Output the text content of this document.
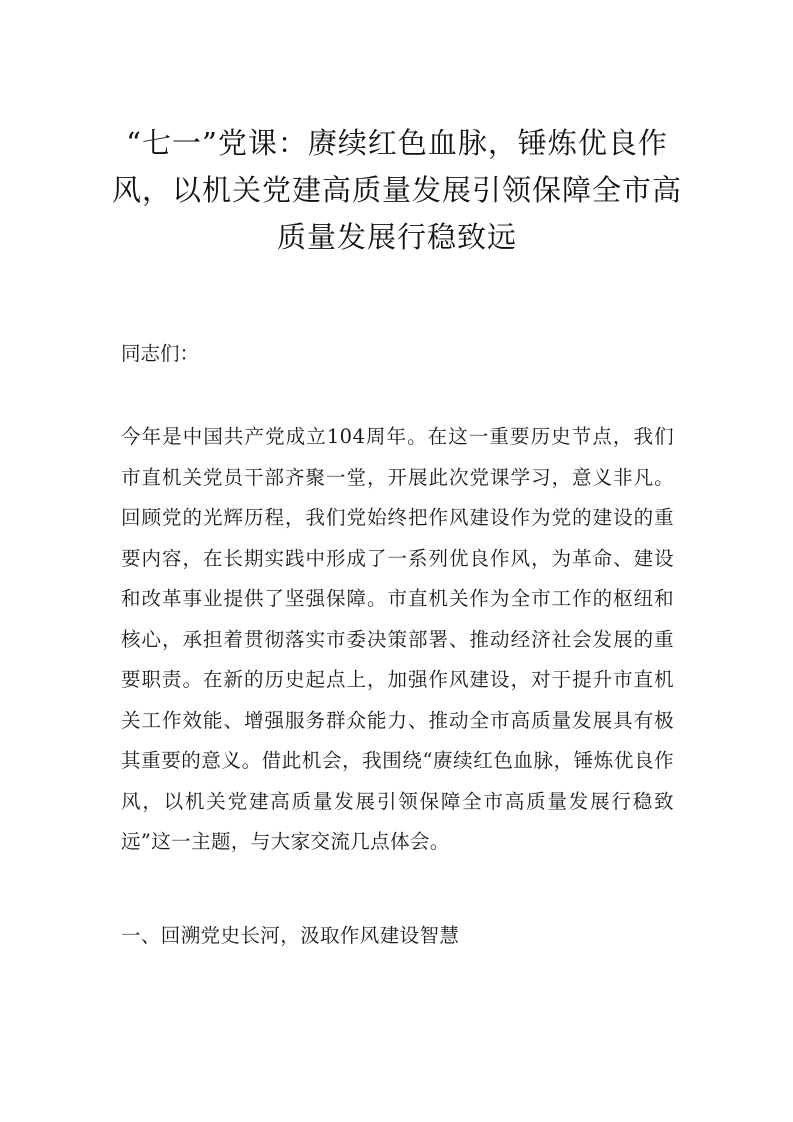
“七一”党课：赓续红色血脉，锤炼优良作风，以机关党建高质量发展引领保障全市高质量发展行稳致远

同志们：

今年是中国共产党成立104周年。在这一重要历史节点，我们市直机关党员干部齐聚一堂，开展此次党课学习，意义非凡。回顾党的光辉历程，我们党始终把作风建设作为党的建设的重要内容，在长期实践中形成了一系列优良作风，为革命、建设和改革事业提供了坚强保障。市直机关作为全市工作的枢纽和核心，承担着贯彻落实市委决策部署、推动经济社会发展的重要职责。在新的历史起点上，加强作风建设，对于提升市直机关工作效能、增强服务群众能力、推动全市高质量发展具有极其重要的意义。借此机会，我围绕“赓续红色血脉，锤炼优良作风，以机关党建高质量发展引领保障全市高质量发展行稳致远”这一主题，与大家交流几点体会。

一、回溯党史长河，汲取作风建设智慧
